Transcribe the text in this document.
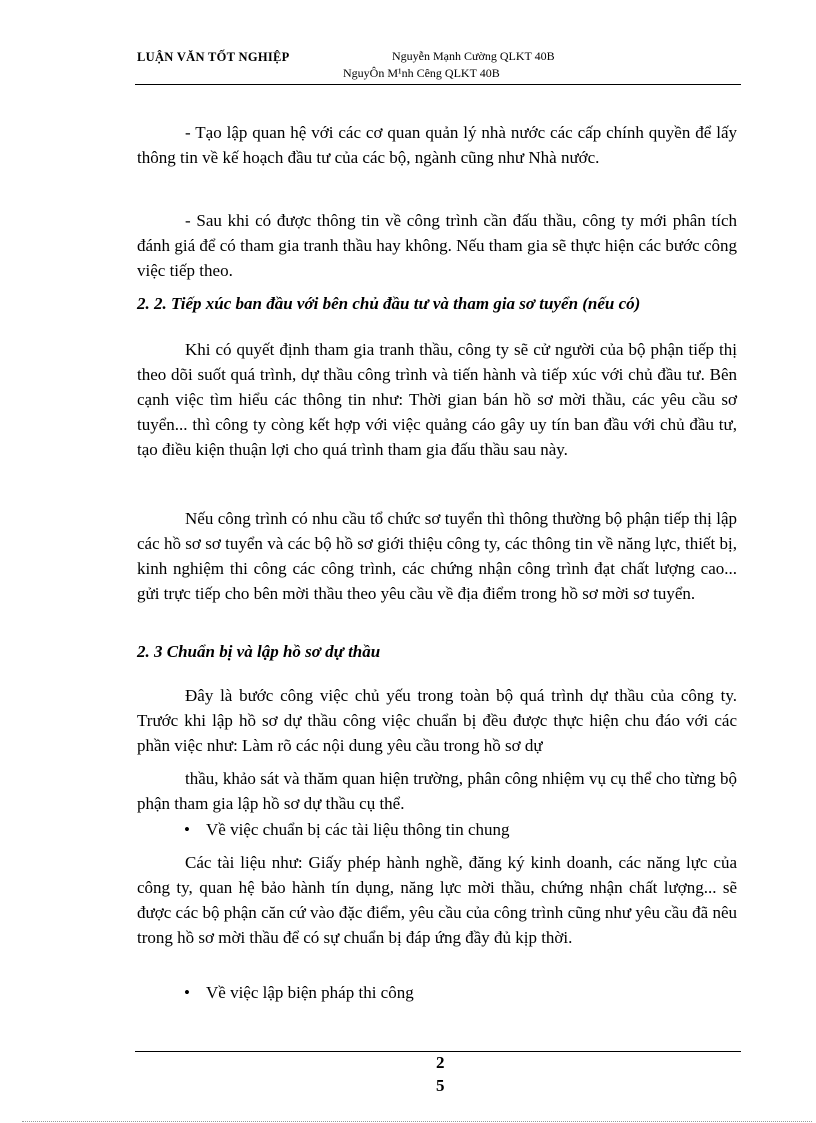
LUẬN VĂN TỐT NGHIỆP	Nguyễn Mạnh Cường QLKT 40B
NguyÔn M¹nh Cêng QLKT 40B
- Tạo lập quan hệ với các cơ quan quản lý nhà nước các cấp chính quyền để lấy thông tin về kế hoạch đầu tư của các bộ, ngành cũng như Nhà nước.
- Sau khi có được thông tin về công trình cần đấu thầu, công ty mới phân tích đánh giá để có tham gia tranh thầu hay không. Nếu tham gia sẽ thực hiện các bước công việc tiếp theo.
2. 2. Tiếp xúc ban đầu với bên chủ đầu tư và tham gia sơ tuyển (nếu có)
Khi có quyết định tham gia tranh thầu, công ty sẽ cử người của bộ phận tiếp thị theo dõi suốt quá trình, dự thầu công trình và tiến hành và tiếp xúc với chủ đầu tư. Bên cạnh việc tìm hiểu các thông tin như: Thời gian bán hồ sơ mời thầu, các yêu cầu sơ tuyển... thì công ty còng kết hợp với việc quảng cáo gây uy tín ban đầu với chủ đầu tư, tạo điều kiện thuận lợi cho quá trình tham gia đấu thầu sau này.
Nếu công trình có nhu cầu tổ chức sơ tuyển thì thông thường bộ phận tiếp thị lập các hồ sơ sơ tuyển và các bộ hồ sơ giới thiệu công ty, các thông tin về năng lực, thiết bị, kinh nghiệm thi công các công trình, các chứng nhận công trình đạt chất lượng cao... gửi trực tiếp cho bên mời thầu theo yêu cầu về địa điểm trong hồ sơ mời sơ tuyển.
2. 3 Chuẩn bị và lập hồ sơ dự thầu
Đây là bước công việc chủ yếu trong toàn bộ quá trình dự thầu của công ty. Trước khi lập hồ sơ dự thầu công việc chuẩn bị đều được thực hiện chu đáo với các phần việc như: Làm rõ các nội dung yêu cầu trong hồ sơ dự
thầu, khảo sát và thăm quan hiện trường, phân công nhiệm vụ cụ thể cho từng bộ phận tham gia lập hồ sơ dự thầu cụ thể.
• Về việc chuẩn bị các tài liệu thông tin chung
Các tài liệu như: Giấy phép hành nghề, đăng ký kinh doanh, các năng lực của công ty, quan hệ bảo hành tín dụng, năng lực mời thầu, chứng nhận chất lượng... sẽ được các bộ phận căn cứ vào đặc điểm, yêu cầu của công trình cũng như yêu cầu đã nêu trong hồ sơ mời thầu để có sự chuẩn bị đáp ứng đầy đủ kịp thời.
• Về việc lập biện pháp thi công
2
5
